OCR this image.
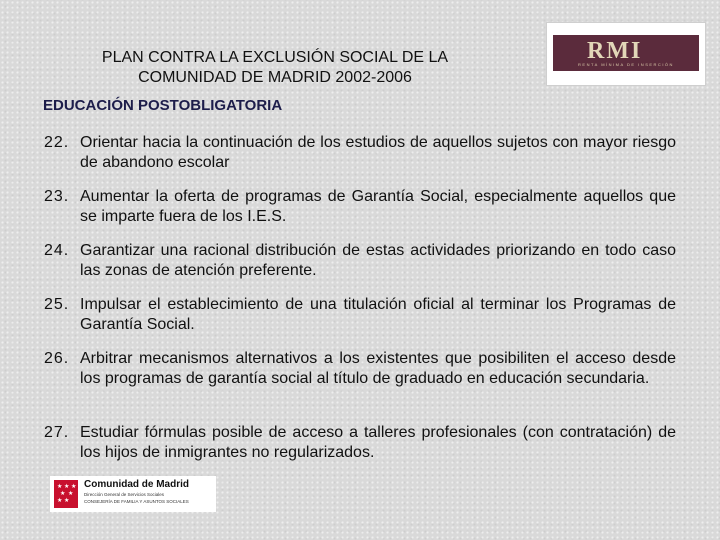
PLAN CONTRA LA EXCLUSIÓN SOCIAL DE LA
COMUNIDAD DE MADRID 2002-2006
RMI
RENTA MÍNIMA DE INSERCIÓN
EDUCACIÓN POSTOBLIGATORIA
22. Orientar hacia la continuación de los estudios de aquellos sujetos con mayor riesgo de abandono escolar
23. Aumentar la oferta de programas de Garantía Social, especialmente aquellos que se imparte fuera de los I.E.S.
24. Garantizar una racional distribución de estas actividades priorizando en todo caso las zonas de atención preferente.
25. Impulsar el establecimiento de una titulación oficial al terminar los Programas de Garantía Social.
26. Arbitrar mecanismos alternativos a los existentes que posibiliten el acceso desde los programas de garantía social al título de graduado en educación secundaria.
27. Estudiar fórmulas posible de acceso a talleres profesionales (con contratación) de los hijos de inmigrantes no regularizados.
★ ★ ★
★ ★
★ ★
Comunidad de Madrid
Dirección General de Servicios Sociales
CONSEJERÍA DE FAMILIA Y ASUNTOS SOCIALES
